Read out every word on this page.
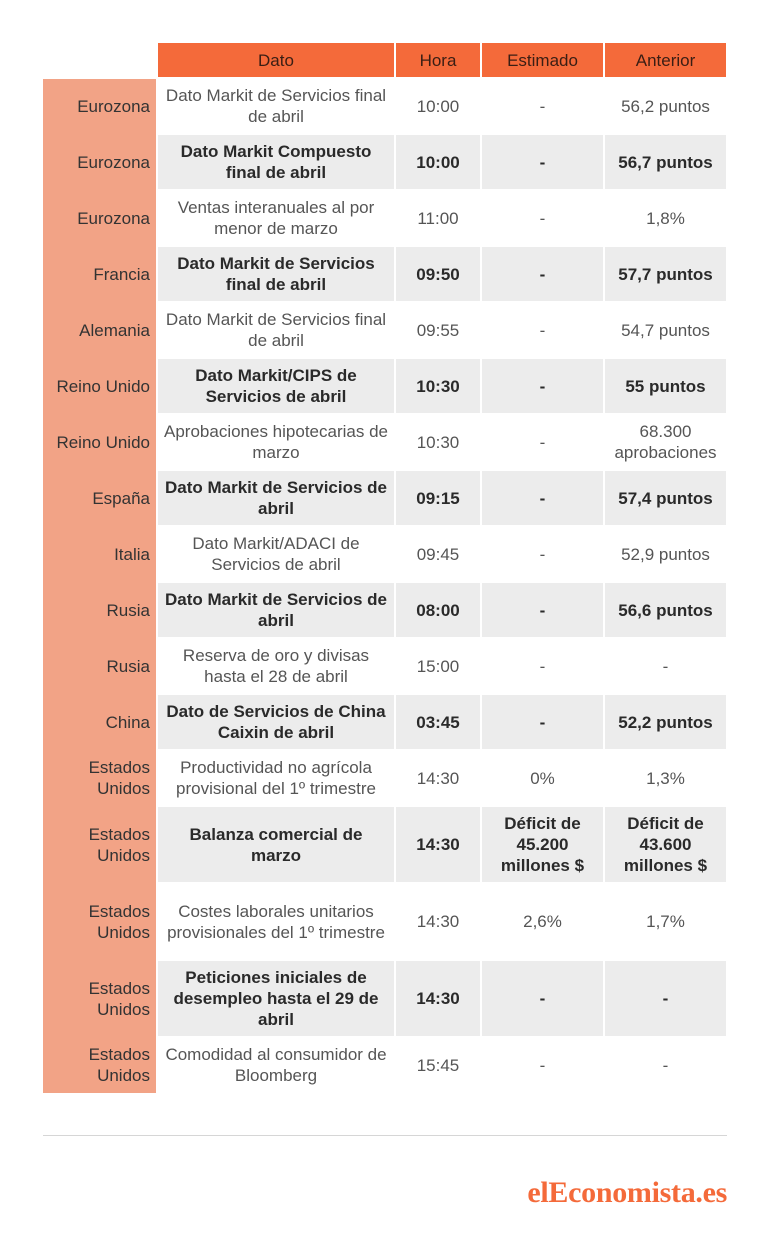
	Dato	Hora	Estimado	Anterior
Eurozona	Dato Markit de Servicios final de abril	10:00	-	56,2 puntos
Eurozona	Dato Markit Compuesto final de abril	10:00	-	56,7 puntos
Eurozona	Ventas interanuales al por menor de marzo	11:00	-	1,8%
Francia	Dato Markit de Servicios final de abril	09:50	-	57,7 puntos
Alemania	Dato Markit de Servicios final de abril	09:55	-	54,7 puntos
Reino Unido	Dato Markit/CIPS de Servicios de abril	10:30	-	55 puntos
Reino Unido	Aprobaciones hipotecarias de marzo	10:30	-	68.300 aprobaciones
España	Dato Markit de Servicios de abril	09:15	-	57,4 puntos
Italia	Dato Markit/ADACI de Servicios de abril	09:45	-	52,9 puntos
Rusia	Dato Markit de Servicios de abril	08:00	-	56,6 puntos
Rusia	Reserva de oro y divisas hasta el 28 de abril	15:00	-	-
China	Dato de Servicios de China Caixin de abril	03:45	-	52,2 puntos
Estados Unidos	Productividad no agrícola provisional del 1º trimestre	14:30	0%	1,3%
Estados Unidos	Balanza comercial de marzo	14:30	Déficit de 45.200 millones $	Déficit de 43.600 millones $
Estados Unidos	Costes laborales unitarios provisionales del 1º trimestre	14:30	2,6%	1,7%
Estados Unidos	Peticiones iniciales de desempleo hasta el 29 de abril	14:30	-	-
Estados Unidos	Comodidad al consumidor de Bloomberg	15:45	-	-
elEconomista.es
